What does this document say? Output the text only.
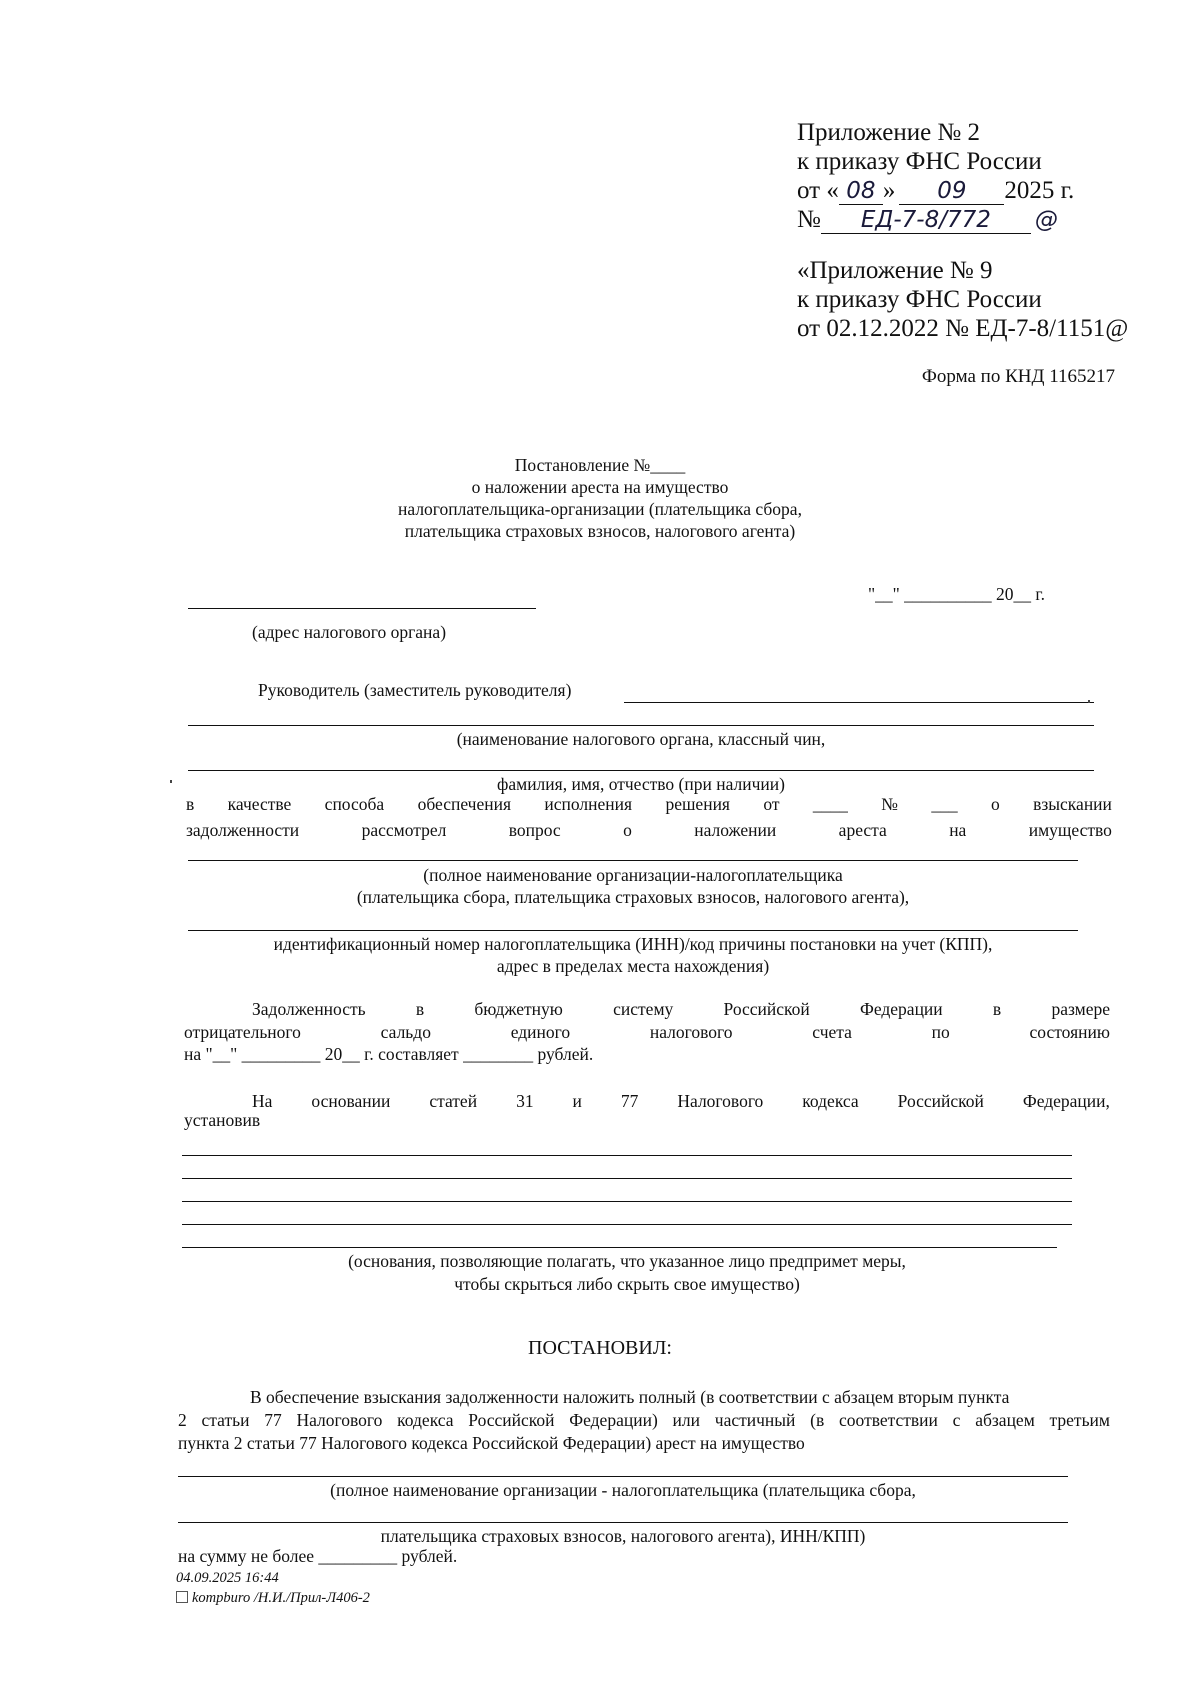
Приложение № 2
к приказу ФНС России
от « 08 » 09 2025 г.
№ ЕД-7-8/772 @
«Приложение № 9
к приказу ФНС России
от 02.12.2022 № ЕД-7-8/1151@
Форма по КНД 1165217
Постановление №____
о наложении ареста на имущество
налогоплательщика-организации (плательщика сбора,
плательщика страховых взносов, налогового агента)
"__" __________ 20__ г.
(адрес налогового органа)
Руководитель (заместитель руководителя)
(наименование налогового органа, классный чин,
фамилия, имя, отчество (при наличии)
в качестве способа обеспечения исполнения решения от ____ № ___ о взыскании
задолженности	рассмотрел	вопрос	о	наложении	ареста	на	имущество
(полное наименование организации-налогоплательщика
(плательщика сбора, плательщика страховых взносов, налогового агента),
идентификационный номер налогоплательщика (ИНН)/код причины постановки на учет (КПП),
адрес в пределах места нахождения)
Задолженность	в	бюджетную	систему	Российской	Федерации	в	размере
отрицательного	сальдо	единого	налогового	счета	по	состоянию
на "__" _________ 20__ г. составляет ________ рублей.
На основании статей 31 и 77 Налогового кодекса Российской Федерации,
установив
(основания, позволяющие полагать, что указанное лицо предпримет меры,
чтобы скрыться либо скрыть свое имущество)
ПОСТАНОВИЛ:
В обеспечение взыскания задолженности наложить полный (в соответствии с абзацем вторым пункта
2 статьи 77 Налогового кодекса Российской Федерации) или частичный (в соответствии с абзацем третьим
пункта 2 статьи 77 Налогового кодекса Российской Федерации) арест на имущество
(полное наименование организации - налогоплательщика (плательщика сбора,
плательщика страховых взносов, налогового агента), ИНН/КПП)
на сумму не более _________ рублей.
04.09.2025 16:44
kompburo /Н.И./Прил-Л406-2
